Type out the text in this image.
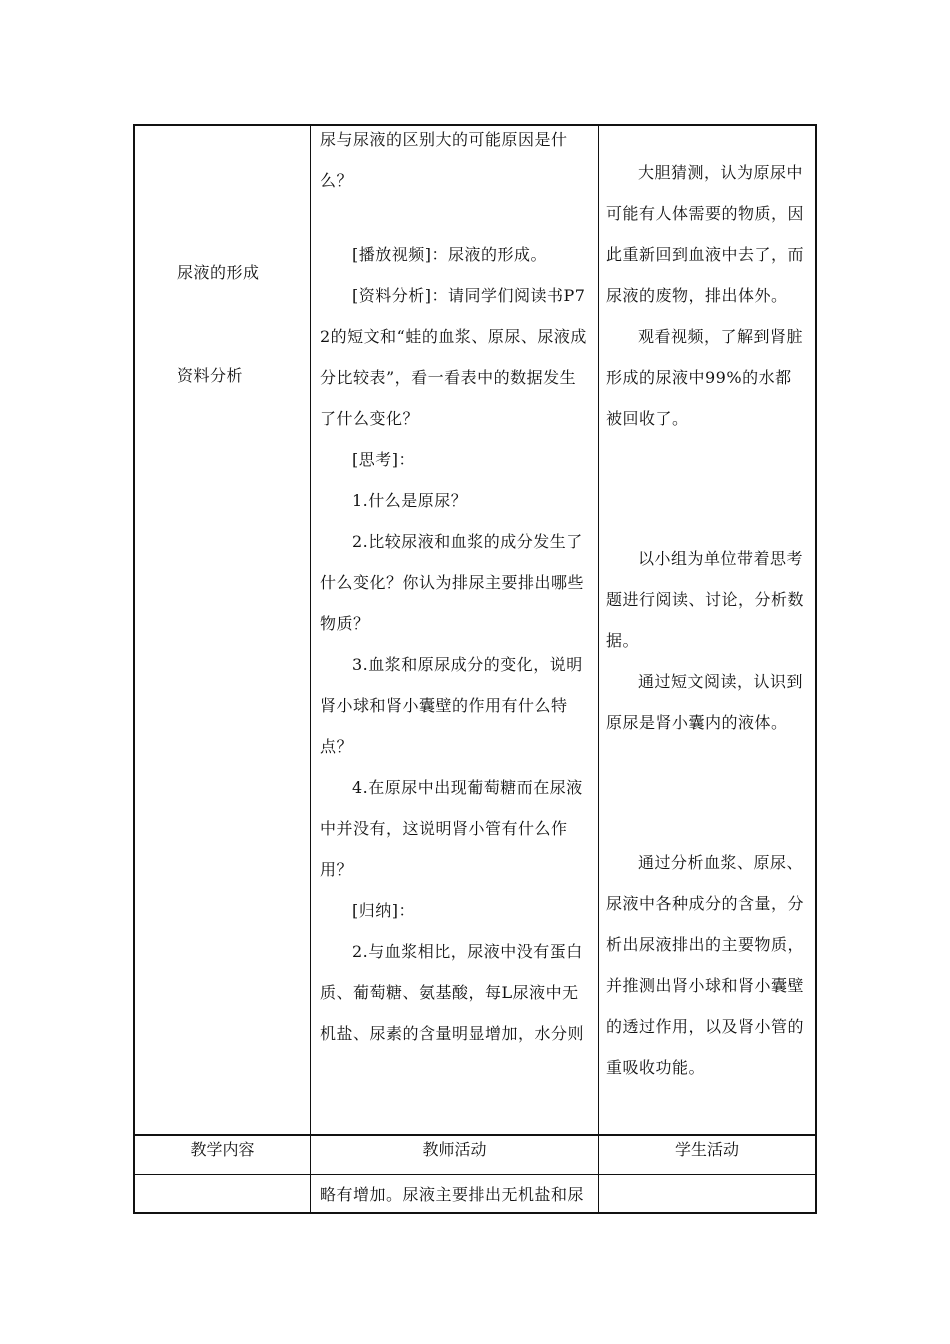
尿液的形成
资料分析
尿与尿液的区别大的可能原因是什么？
[播放视频]：尿液的形成。
[资料分析]：请同学们阅读书P72的短文和“蛙的血浆、原尿、尿液成分比较表”，看一看表中的数据发生了什么变化？
[思考]：
1.什么是原尿？
2.比较尿液和血浆的成分发生了什么变化？你认为排尿主要排出哪些物质？
3.血浆和原尿成分的变化，说明肾小球和肾小囊壁的作用有什么特点？
4.在原尿中出现葡萄糖而在尿液中并没有，这说明肾小管有什么作用？
[归纳]：
2.与血浆相比，尿液中没有蛋白质、葡萄糖、氨基酸，每L尿液中无机盐、尿素的含量明显增加，水分则
大胆猜测，认为原尿中可能有人体需要的物质，因此重新回到血液中去了，而尿液的废物，排出体外。
观看视频，了解到肾脏形成的尿液中99%的水都被回收了。
以小组为单位带着思考题进行阅读、讨论，分析数据。
通过短文阅读，认识到原尿是肾小囊内的液体。
通过分析血浆、原尿、尿液中各种成分的含量，分析出尿液排出的主要物质，并推测出肾小球和肾小囊壁的透过作用，以及肾小管的重吸收功能。
教学内容	教师活动	学生活动
略有增加。尿液主要排出无机盐和尿
